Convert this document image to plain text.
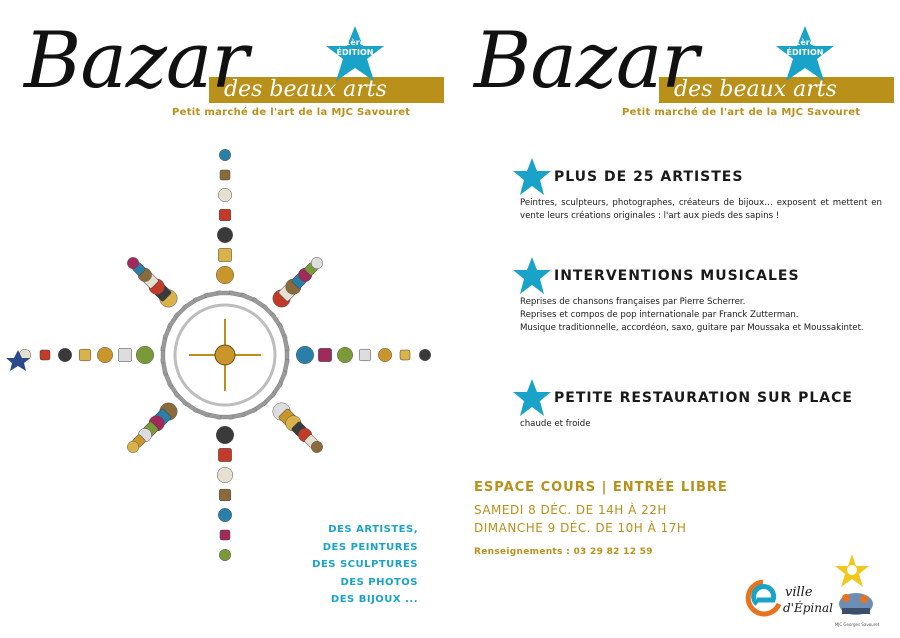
Bazar
des beaux arts
Petit marché de l'art de la MJC Savouret
1ère
ÉDITION
DES ARTISTES,
DES PEINTURES
DES SCULPTURES
DES PHOTOS
DES BIJOUX ...
Bazar
des beaux arts
Petit marché de l'art de la MJC Savouret
1ère
ÉDITION
PLUS DE 25 ARTISTES
Peintres, sculpteurs, photographes, créateurs de bijoux… exposent et mettent en vente leurs créations originales : l'art aux pieds des sapins !
INTERVENTIONS MUSICALES
Reprises de chansons françaises par Pierre Scherrer.
Reprises et compos de pop internationale par Franck Zutterman.
Musique traditionnelle, accordéon, saxo, guitare par Moussaka et Moussakintet.
PETITE RESTAURATION SUR PLACE
chaude et froide
ESPACE COURS | ENTRÉE LIBRE
SAMEDI 8 DÉC. DE 14H À 22H
DIMANCHE 9 DÉC. DE 10H À 17H
Renseignements : 03 29 82 12 59
ville
d'Épinal
MJC Georges Savouret
